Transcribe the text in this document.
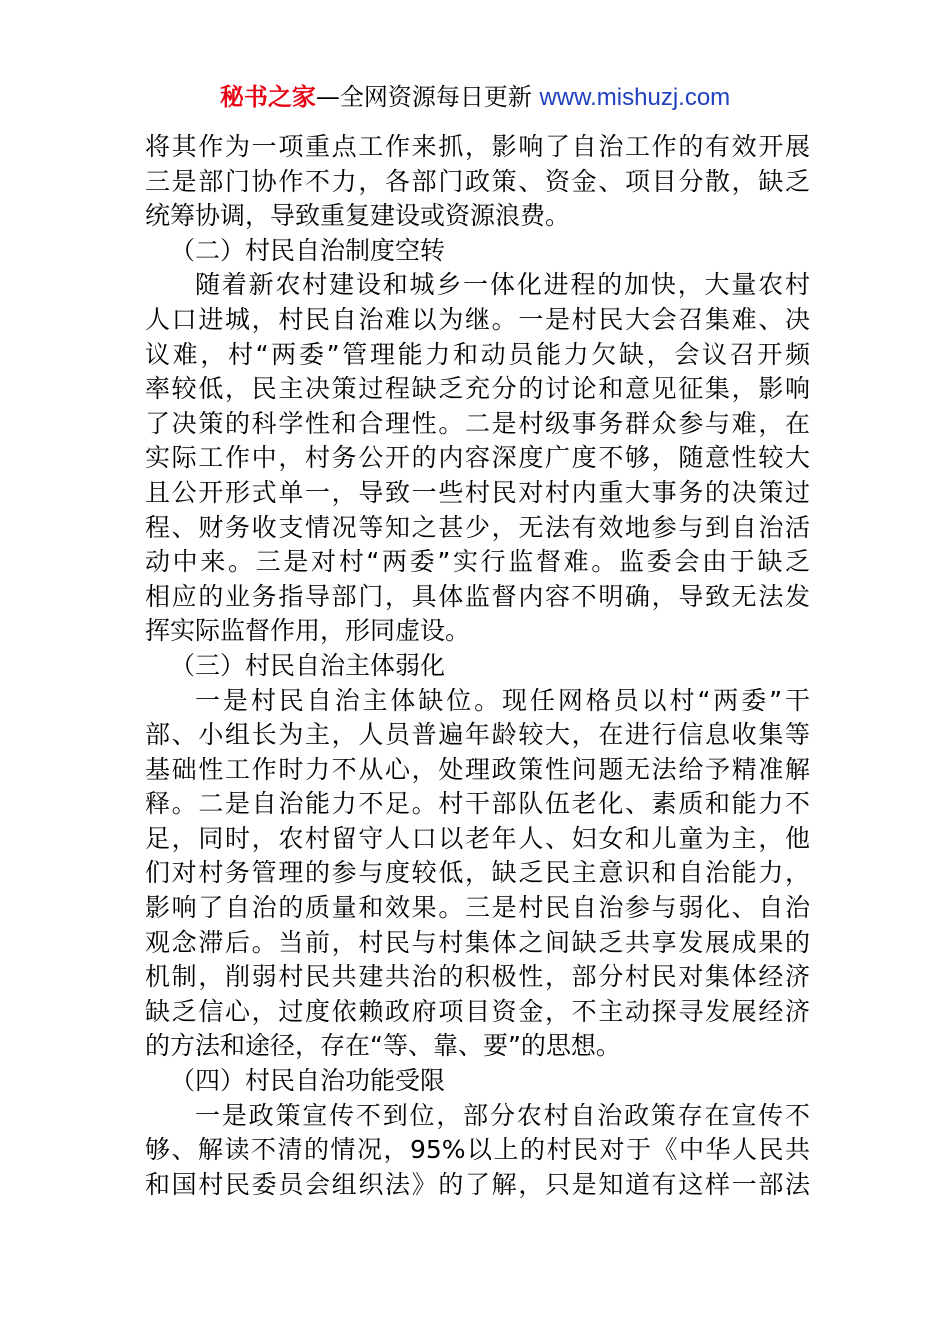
秘书之家—全网资源每日更新 www.mishuzj.com
将其作为一项重点工作来抓，影响了自治工作的有效开展
三是部门协作不力，各部门政策、资金、项目分散，缺乏
统筹协调，导致重复建设或资源浪费。
（二）村民自治制度空转
随着新农村建设和城乡一体化进程的加快，大量农村
人口进城，村民自治难以为继。一是村民大会召集难、决
议难，村“两委”管理能力和动员能力欠缺，会议召开频
率较低，民主决策过程缺乏充分的讨论和意见征集，影响
了决策的科学性和合理性。二是村级事务群众参与难，在
实际工作中，村务公开的内容深度广度不够，随意性较大
且公开形式单一，导致一些村民对村内重大事务的决策过
程、财务收支情况等知之甚少，无法有效地参与到自治活
动中来。三是对村“两委”实行监督难。监委会由于缺乏
相应的业务指导部门，具体监督内容不明确，导致无法发
挥实际监督作用，形同虚设。
（三）村民自治主体弱化
一是村民自治主体缺位。现任网格员以村“两委”干
部、小组长为主，人员普遍年龄较大，在进行信息收集等
基础性工作时力不从心，处理政策性问题无法给予精准解
释。二是自治能力不足。村干部队伍老化、素质和能力不
足，同时，农村留守人口以老年人、妇女和儿童为主，他
们对村务管理的参与度较低，缺乏民主意识和自治能力，
影响了自治的质量和效果。三是村民自治参与弱化、自治
观念滞后。当前，村民与村集体之间缺乏共享发展成果的
机制，削弱村民共建共治的积极性，部分村民对集体经济
缺乏信心，过度依赖政府项目资金，不主动探寻发展经济
的方法和途径，存在“等、靠、要”的思想。
（四）村民自治功能受限
一是政策宣传不到位，部分农村自治政策存在宣传不
够、解读不清的情况，95%以上的村民对于《中华人民共
和国村民委员会组织法》的了解，只是知道有这样一部法
